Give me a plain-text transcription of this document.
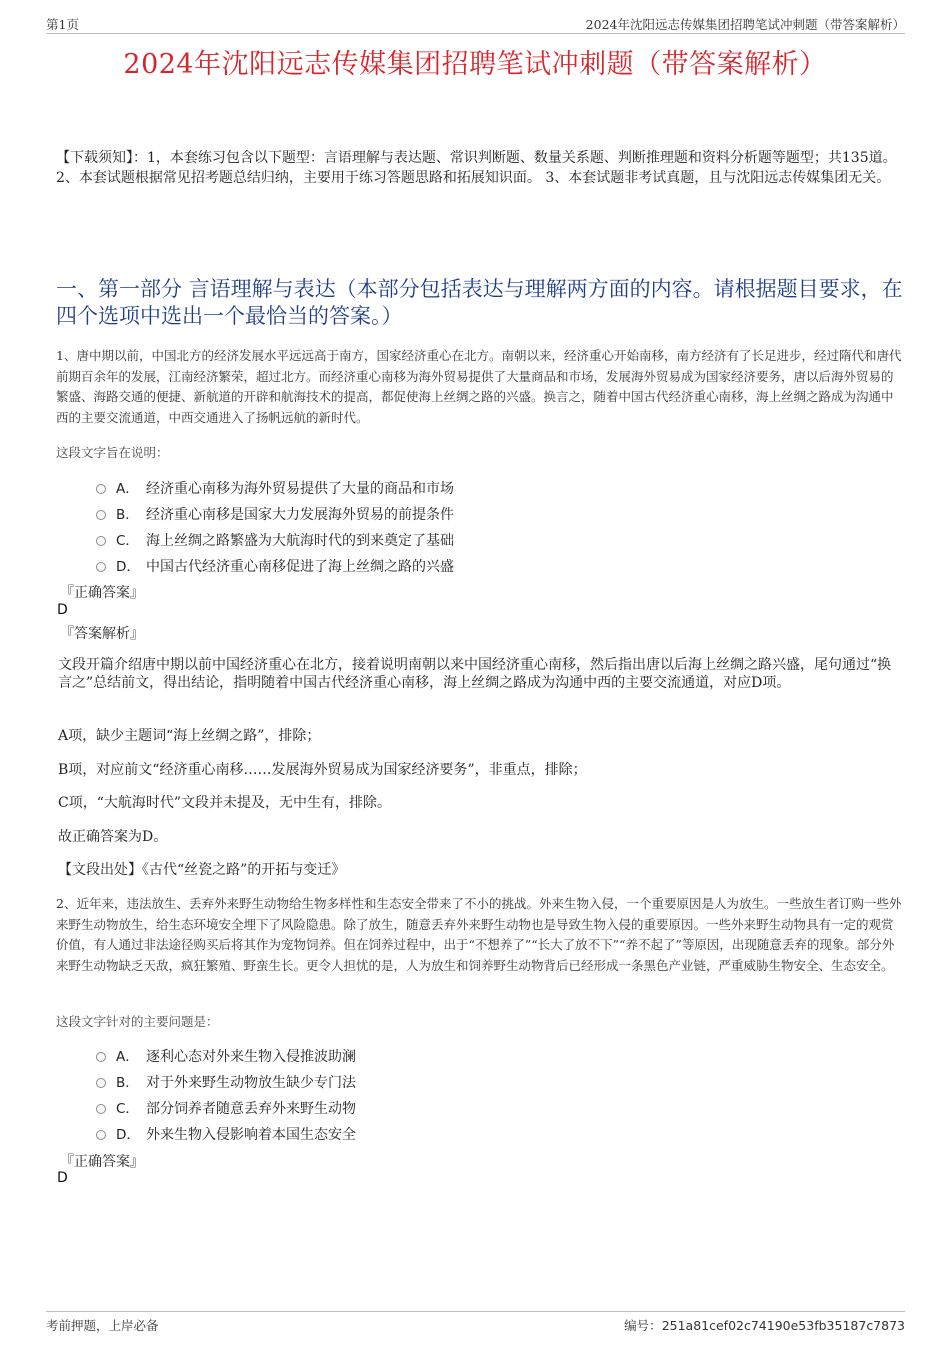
第1页	2024年沈阳远志传媒集团招聘笔试冲刺题（带答案解析）
2024年沈阳远志传媒集团招聘笔试冲刺题（带答案解析）
【下载须知】：1，本套练习包含以下题型：言语理解与表达题、常识判断题、数量关系题、判断推理题和资料分析题等题型；共135道。 2、本套试题根据常见招考题总结归纳，主要用于练习答题思路和拓展知识面。 3、本套试题非考试真题，且与沈阳远志传媒集团无关。
一、第一部分 言语理解与表达（本部分包括表达与理解两方面的内容。请根据题目要求，在四个选项中选出一个最恰当的答案。）
1、唐中期以前，中国北方的经济发展水平远远高于南方，国家经济重心在北方。南朝以来，经济重心开始南移，南方经济有了长足进步，经过隋代和唐代前期百余年的发展，江南经济繁荣，超过北方。而经济重心南移为海外贸易提供了大量商品和市场，发展海外贸易成为国家经济要务，唐以后海外贸易的繁盛、海路交通的便捷、新航道的开辟和航海技术的提高，都促使海上丝绸之路的兴盛。换言之，随着中国古代经济重心南移，海上丝绸之路成为沟通中西的主要交流通道，中西交通进入了扬帆远航的新时代。
这段文字旨在说明：
A． 经济重心南移为海外贸易提供了大量的商品和市场
B． 经济重心南移是国家大力发展海外贸易的前提条件
C． 海上丝绸之路繁盛为大航海时代的到来奠定了基础
D． 中国古代经济重心南移促进了海上丝绸之路的兴盛
『正确答案』
D
『答案解析』
文段开篇介绍唐中期以前中国经济重心在北方，接着说明南朝以来中国经济重心南移，然后指出唐以后海上丝绸之路兴盛，尾句通过“换言之”总结前文，得出结论，指明随着中国古代经济重心南移，海上丝绸之路成为沟通中西的主要交流通道，对应D项。
A项，缺少主题词“海上丝绸之路”，排除；
B项，对应前文“经济重心南移……发展海外贸易成为国家经济要务”，非重点，排除；
C项，“大航海时代”文段并未提及，无中生有，排除。
故正确答案为D。
【文段出处】《古代“丝瓷之路”的开拓与变迁》
2、近年来，违法放生、丢弃外来野生动物给生物多样性和生态安全带来了不小的挑战。外来生物入侵，一个重要原因是人为放生。一些放生者订购一些外来野生动物放生，给生态环境安全埋下了风险隐患。除了放生，随意丢弃外来野生动物也是导致生物入侵的重要原因。一些外来野生动物具有一定的观赏价值，有人通过非法途径购买后将其作为宠物饲养。但在饲养过程中，出于“不想养了”“长大了放不下”“养不起了”等原因，出现随意丢弃的现象。部分外来野生动物缺乏天敌，疯狂繁殖、野蛮生长。更令人担忧的是，人为放生和饲养野生动物背后已经形成一条黑色产业链，严重威胁生物安全、生态安全。
这段文字针对的主要问题是：
A． 逐利心态对外来生物入侵推波助澜
B． 对于外来野生动物放生缺少专门法
C． 部分饲养者随意丢弃外来野生动物
D． 外来生物入侵影响着本国生态安全
『正确答案』
D
考前押题，上岸必备	编号：251a81cef02c74190e53fb35187c7873
